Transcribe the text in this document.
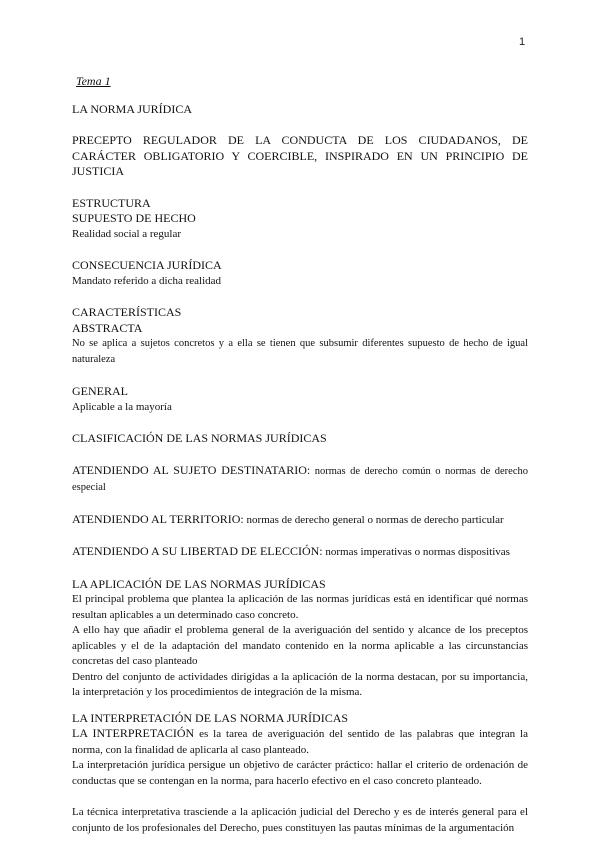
1
Tema 1
LA NORMA JURÍDICA
PRECEPTO REGULADOR DE LA CONDUCTA DE LOS CIUDADANOS, DE CARÁCTER OBLIGATORIO Y COERCIBLE, INSPIRADO EN UN PRINCIPIO DE JUSTICIA
ESTRUCTURA
SUPUESTO DE HECHO
Realidad social a regular
CONSECUENCIA JURÍDICA
Mandato referido a dicha realidad
CARACTERÍSTICAS
ABSTRACTA
No se aplica a sujetos concretos y a ella se tienen que subsumir diferentes supuesto de hecho de igual naturaleza
GENERAL
Aplicable a la mayoría
CLASIFICACIÓN DE LAS NORMAS JURÍDICAS
ATENDIENDO AL SUJETO DESTINATARIO: normas de derecho común o normas de derecho especial
ATENDIENDO AL TERRITORIO: normas de derecho general o normas de derecho particular
ATENDIENDO A SU LIBERTAD DE ELECCIÓN: normas imperativas o normas dispositivas
LA APLICACIÓN DE LAS NORMAS JURÍDICAS
El principal problema que plantea la aplicación de las normas jurídicas está en identificar qué normas resultan aplicables a un determinado caso concreto.
A ello hay que añadir el problema general de la averiguación del sentido y alcance de los preceptos aplicables y el de la adaptación del mandato contenido en la norma aplicable a las circunstancias concretas del caso planteado
Dentro del conjunto de actividades dirigidas a la aplicación de la norma destacan, por su importancia, la interpretación y los procedimientos de integración de la misma.
LA INTERPRETACIÓN DE LAS NORMA JURÍDICAS
LA INTERPRETACIÓN es la tarea de averiguación del sentido de las palabras que integran la norma, con la finalidad de aplicarla al caso planteado.
La interpretación jurídica persigue un objetivo de carácter práctico: hallar el criterio de ordenación de conductas que se contengan en la norma, para hacerlo efectivo en el caso concreto planteado.
La técnica interpretativa trasciende a la aplicación judicial del Derecho y es de interés general para el conjunto de los profesionales del Derecho, pues constituyen las pautas mínimas de la argumentación
